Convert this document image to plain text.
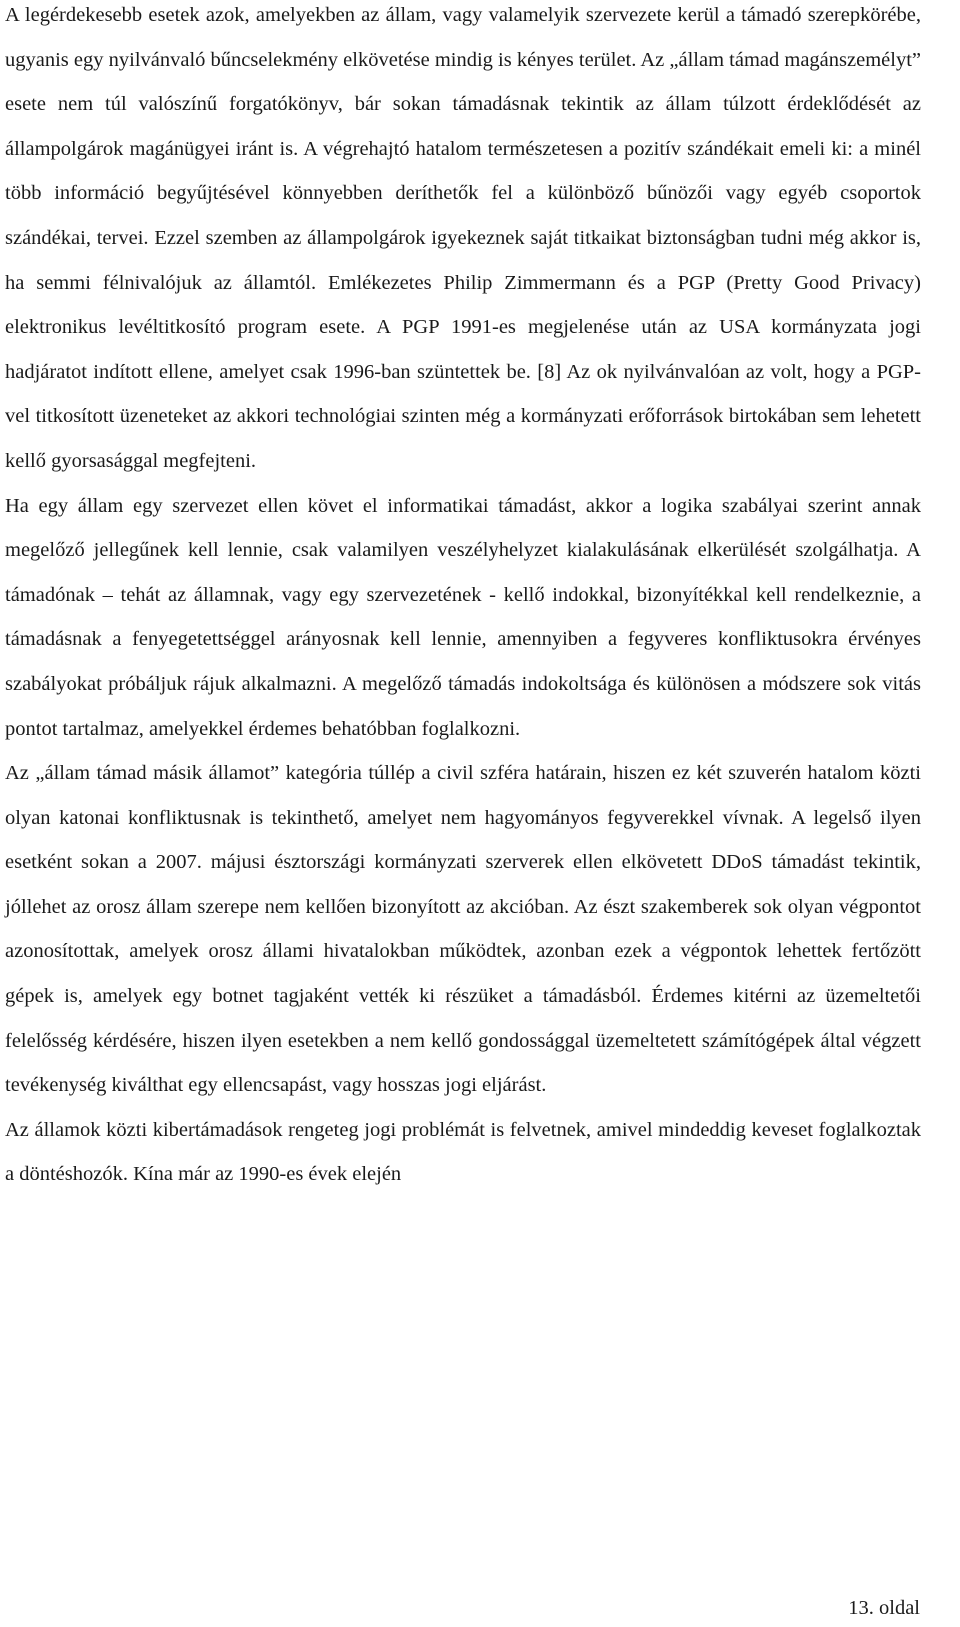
A legérdekesebb esetek azok, amelyekben az állam, vagy valamelyik szervezete kerül a támadó szerepkörébe, ugyanis egy nyilvánvaló bűncselekmény elkövetése mindig is kényes terület. Az „állam támad magánszemélyt” esete nem túl valószínű forgatókönyv, bár sokan támadásnak tekintik az állam túlzott érdeklődését az állampolgárok magánügyei iránt is. A végrehajtó hatalom természetesen a pozitív szándékait emeli ki: a minél több információ begyűjtésével könnyebben deríthetők fel a különböző bűnözői vagy egyéb csoportok szándékai, tervei. Ezzel szemben az állampolgárok igyekeznek saját titkaikat biztonságban tudni még akkor is, ha semmi félnivalójuk az államtól. Emlékezetes Philip Zimmermann és a PGP (Pretty Good Privacy) elektronikus levéltitkosító program esete. A PGP 1991-es megjelenése után az USA kormányzata jogi hadjáratot indított ellene, amelyet csak 1996-ban szüntettek be. [8] Az ok nyilvánvalóan az volt, hogy a PGP-vel titkosított üzeneteket az akkori technológiai szinten még a kormányzati erőforrások birtokában sem lehetett kellő gyorsasággal megfejteni.

Ha egy állam egy szervezet ellen követ el informatikai támadást, akkor a logika szabályai szerint annak megelőző jellegűnek kell lennie, csak valamilyen veszélyhelyzet kialakulásának elkerülését szolgálhatja. A támadónak – tehát az államnak, vagy egy szervezetének - kellő indokkal, bizonyítékkal kell rendelkeznie, a támadásnak a fenyegetettséggel arányosnak kell lennie, amennyiben a fegyveres konfliktusokra érvényes szabályokat próbáljuk rájuk alkalmazni. A megelőző támadás indokoltsága és különösen a módszere sok vitás pontot tartalmaz, amelyekkel érdemes behatóbban foglalkozni.

Az „állam támad másik államot” kategória túllép a civil szféra határain, hiszen ez két szuverén hatalom közti olyan katonai konfliktusnak is tekinthető, amelyet nem hagyományos fegyverekkel vívnak. A legelső ilyen esetként sokan a 2007. májusi észtországi kormányzati szerverek ellen elkövetett DDoS támadást tekintik, jóllehet az orosz állam szerepe nem kellően bizonyított az akcióban. Az észt szakemberek sok olyan végpontot azonosítottak, amelyek orosz állami hivatalokban működtek, azonban ezek a végpontok lehettek fertőzött gépek is, amelyek egy botnet tagjaként vették ki részüket a támadásból. Érdemes kitérni az üzemeltetői felelősség kérdésére, hiszen ilyen esetekben a nem kellő gondossággal üzemeltetett számítógépek által végzett tevékenység kiválthat egy ellencsapást, vagy hosszas jogi eljárást.

Az államok közti kibertámadások rengeteg jogi problémát is felvetnek, amivel mindeddig keveset foglalkoztak a döntéshozók. Kína már az 1990-es évek elején

13. oldal
